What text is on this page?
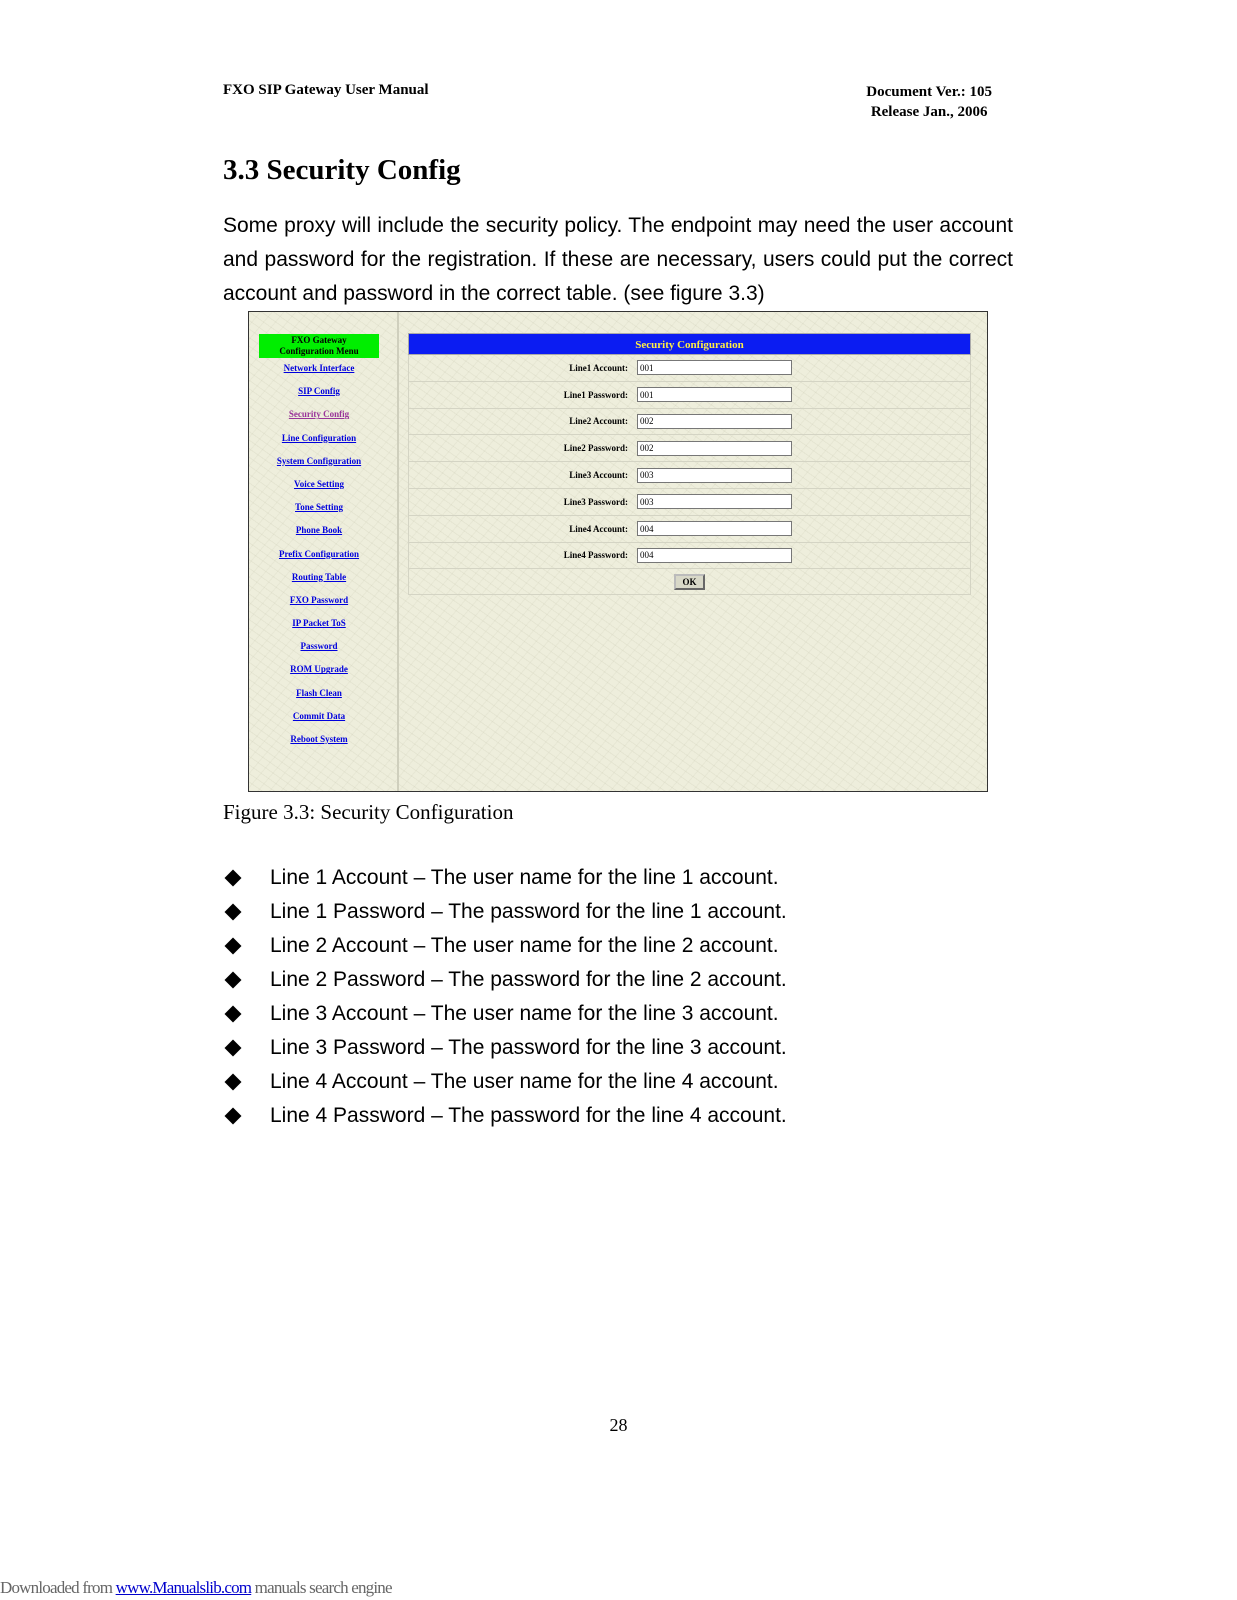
FXO SIP Gateway User Manual	Document Ver.: 105
Release Jan., 2006
3.3 Security Config

Some proxy will include the security policy. The endpoint may need the user account and password for the registration. If these are necessary, users could put the correct account and password in the correct table. (see figure 3.3)

FXO Gateway
Configuration Menu
Network Interface
SIP Config
Security Config
Line Configuration
System Configuration
Voice Setting
Tone Setting
Phone Book
Prefix Configuration
Routing Table
FXO Password
IP Packet ToS
Password
ROM Upgrade
Flash Clean
Commit Data
Reboot System
Security Configuration
Line1 Account:
001
Line1 Password:
001
Line2 Account:
002
Line2 Password:
002
Line3 Account:
003
Line3 Password:
003
Line4 Account:
004
Line4 Password:
004
OK
Figure 3.3: Security Configuration
Line 1 Account – The user name for the line 1 account.
Line 1 Password – The password for the line 1 account.
Line 2 Account – The user name for the line 2 account.
Line 2 Password – The password for the line 2 account.
Line 3 Account – The user name for the line 3 account.
Line 3 Password – The password for the line 3 account.
Line 4 Account – The user name for the line 4 account.
Line 4 Password – The password for the line 4 account.
28
Downloaded from www.Manualslib.com manuals search engine
